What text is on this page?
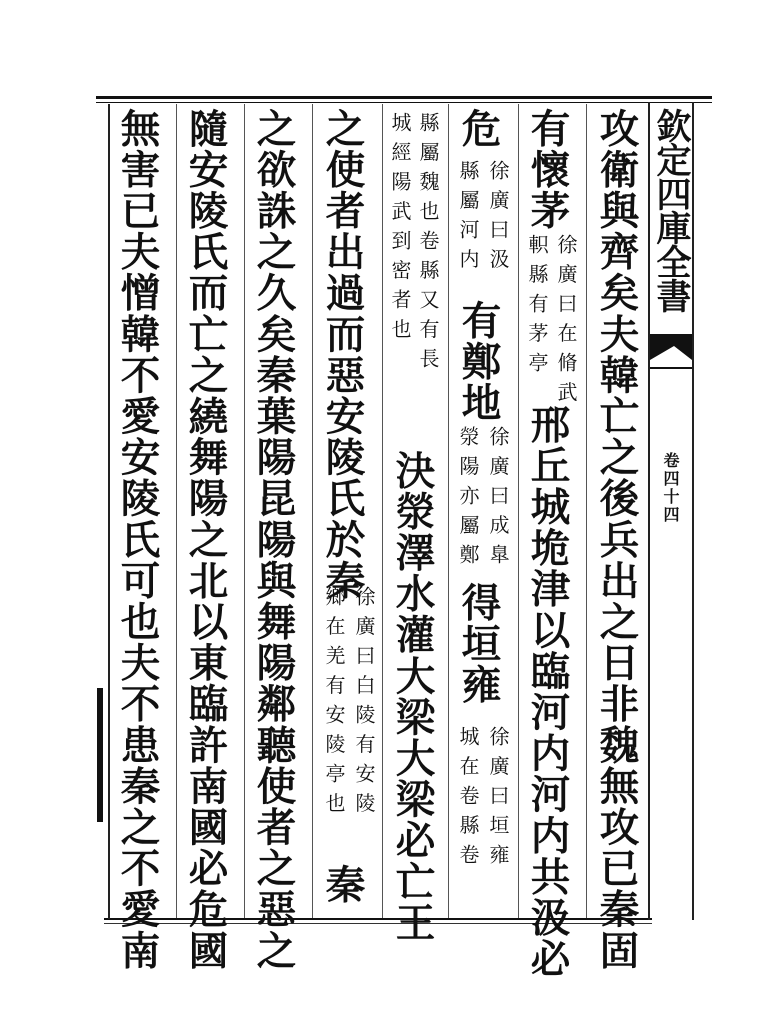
欽定四庫全書
卷四十四
攻衛與齊矣夫韓亡之後兵出之日非魏無攻已秦固
有懷茅
徐廣曰在脩武
軹縣有茅亭
邢丘城垝津以臨河内河内共汲必
危
徐廣曰汲
縣屬河内
有鄭地
徐廣曰成臯
滎陽亦屬鄭
得垣雍
徐廣曰垣雍
城在卷縣卷
縣屬魏也卷縣又有長
城經陽武到密者也
決滎澤水灌大梁大梁必亡王
之使者出過而惡安陵氏於秦
徐廣曰白陵有安陵
鄉在羌有安陵亭也
秦
之欲誅之久矣秦葉陽昆陽與舞陽鄰聽使者之惡之
隨安陵氏而亡之繞舞陽之北以東臨許南國必危國
無害已夫憎韓不愛安陵氏可也夫不患秦之不愛南
